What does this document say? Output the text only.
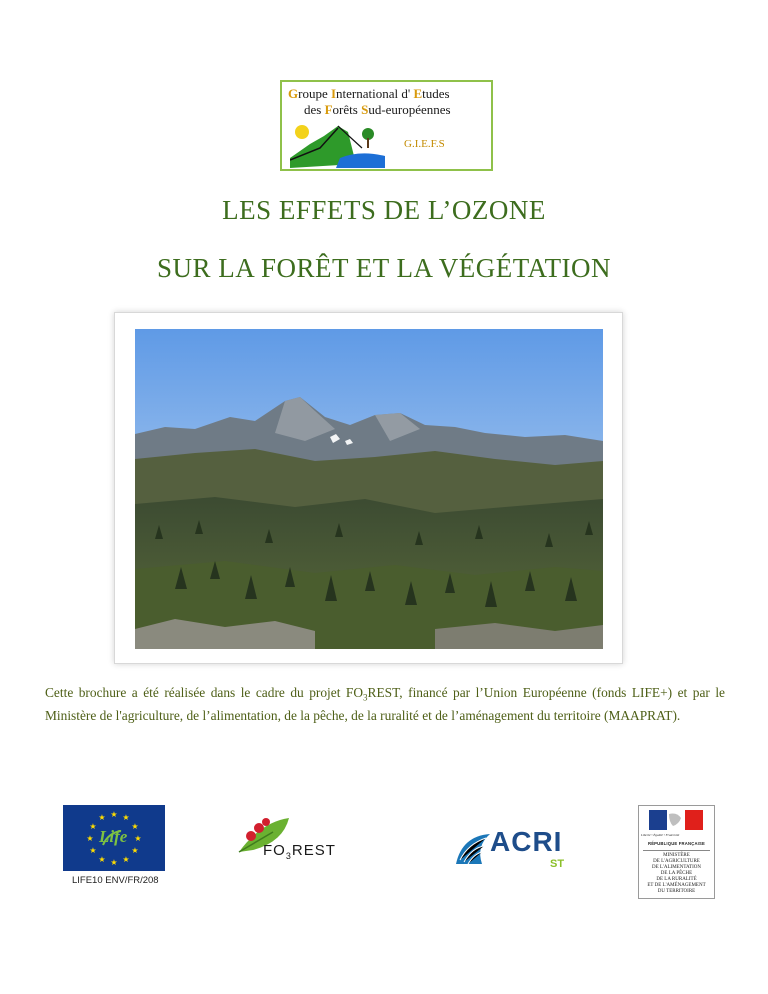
Groupe International d' Etudes
des Forêts Sud-européennes
G.I.E.F.S
LES EFFETS DE L’OZONE
SUR LA FORÊT ET LA VÉGÉTATION
Cette brochure a été réalisée dans le cadre du projet $FO_3REST$, financé par l’Union Européenne (fonds LIFE+) et par le Ministère de l'agriculture, de l’alimentation, de la pêche, de la ruralité et de l’aménagement du territoire (MAAPRAT).
★ ★
★
★
★
★
★
★
★
★
★
★
Life
LIFE10 ENV/FR/208
$FO_3REST$	ACRI
ST
Liberté • Égalité • Fraternité
RÉPUBLIQUE FRANÇAISE
MINISTÈRE
DE L'AGRICULTURE
DE L'ALIMENTATION
DE LA PÊCHE
DE LA RURALITÉ
ET DE L'AMÉNAGEMENT
DU TERRITOIRE
